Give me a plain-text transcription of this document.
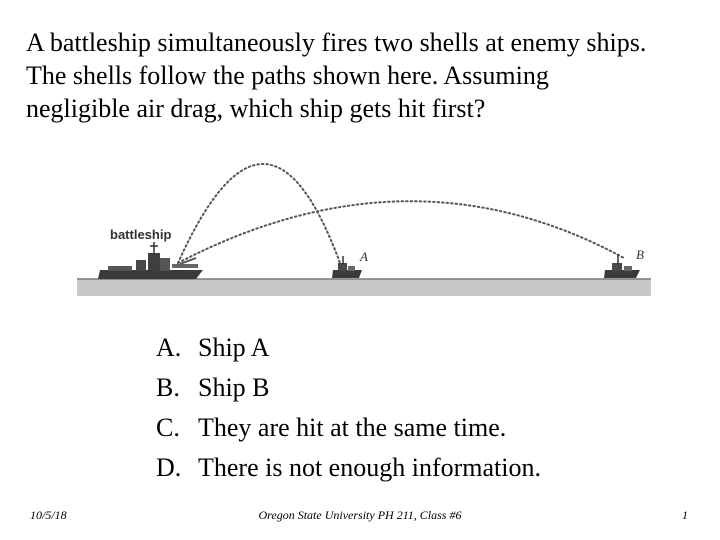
A battleship simultaneously fires two shells at enemy ships.
The shells follow the paths shown here. Assuming
negligible air drag, which ship gets hit first?
battleship
A	B
A. Ship A
B. Ship B
C. They are hit at the same time.
D. There is not enough information.
10/5/18	Oregon State University PH 211, Class #6	1
